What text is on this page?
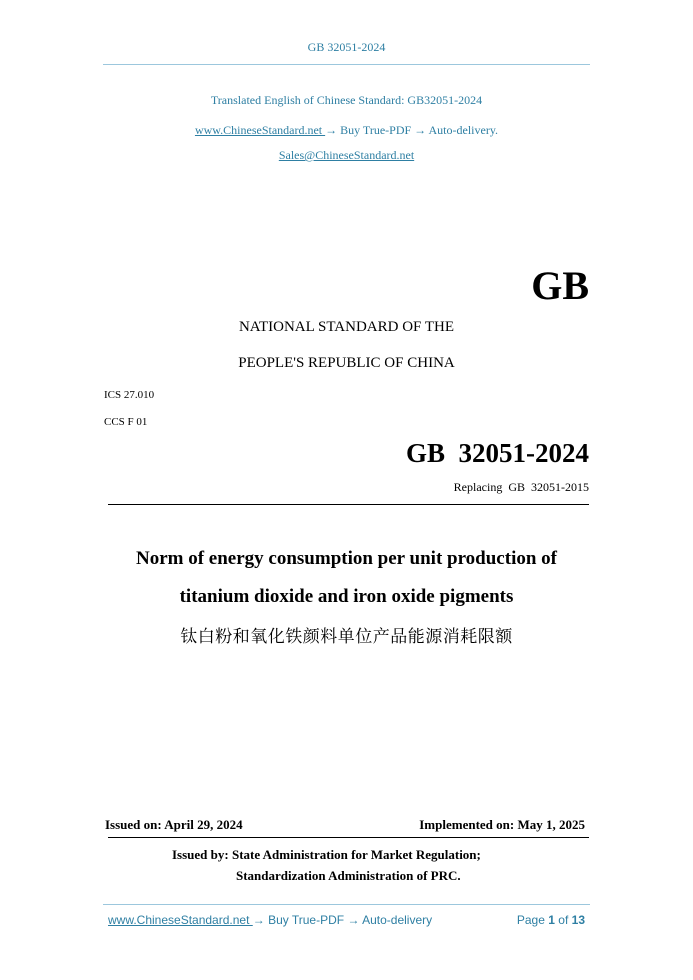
GB 32051-2024
Translated English of Chinese Standard: GB32051-2024
www.ChineseStandard.net → Buy True-PDF → Auto-delivery.
Sales@ChineseStandard.net
GB
NATIONAL STANDARD OF THE
PEOPLE'S REPUBLIC OF CHINA
ICS 27.010
CCS F 01
GB  32051-2024
Replacing  GB  32051-2015
Norm of energy consumption per unit production of
titanium dioxide and iron oxide pigments
钛白粉和氧化铁颜料单位产品能源消耗限额
Issued on: April 29, 2024	Implemented on: May 1, 2025
Issued by: State Administration for Market Regulation;
Standardization Administration of PRC.
www.ChineseStandard.net → Buy True-PDF → Auto-delivery	Page 1 of 13
